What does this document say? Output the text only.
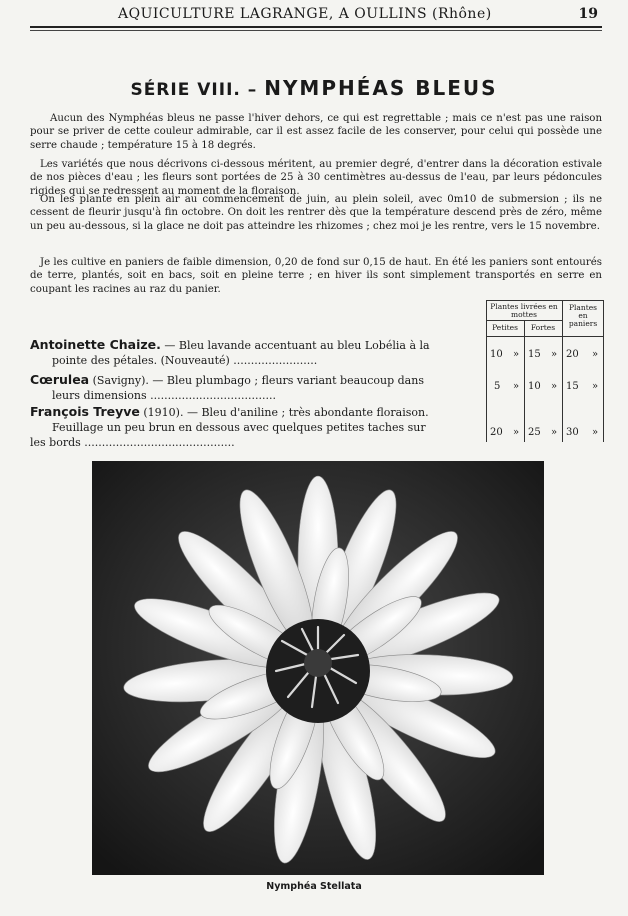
AQUICULTURE LAGRANGE, A OULLINS (Rhône)	19
SÉRIE VIII. – NYMPHÉAS BLEUS
Aucun des Nymphéas bleus ne passe l'hiver dehors, ce qui est regrettable ; mais ce n'est pas une raison pour se priver de cette couleur admirable, car il est assez facile de les conserver, pour celui qui possède une serre chaude ; température 15 à 18 degrés.
Les variétés que nous décrivons ci-dessous méritent, au premier degré, d'entrer dans la décoration estivale de nos pièces d'eau ; les fleurs sont portées de 25 à 30 centimètres au-dessus de l'eau, par leurs pédoncules rigides qui se redressent au moment de la floraison.
On les plante en plein air au commencement de juin, au plein soleil, avec 0m10 de submersion ; ils ne cessent de fleurir jusqu'à fin octobre. On doit les rentrer dès que la température descend près de zéro, même un peu au-dessous, si la glace ne doit pas atteindre les rhizomes ; chez moi je les rentre, vers le 15 novembre.
Je les cultive en paniers de faible dimension, 0,20 de fond sur 0,15 de haut. En été les paniers sont entourés de terre, plantés, soit en bacs, soit en pleine terre ; en hiver ils sont simplement transportés en serre en coupant les racines au raz du panier.
Plantes livrées en mottes
Petites	Fortes
Plantes en paniers
10 » 15 » 20 »
5 » 10 » 15 »
20 » 25 » 30 »
Antoinette Chaize. — Bleu lavande accentuant au bleu Lobélia à la
pointe des pétales. (Nouveauté) ........................
Cœrulea (Savigny). — Bleu plumbago ; fleurs variant beaucoup dans
leurs dimensions ....................................
François Treyve (1910). — Bleu d'aniline ; très abondante floraison.
Feuillage un peu brun en dessous avec quelques petites taches sur
les bords ...........................................
Nymphéa Stellata
